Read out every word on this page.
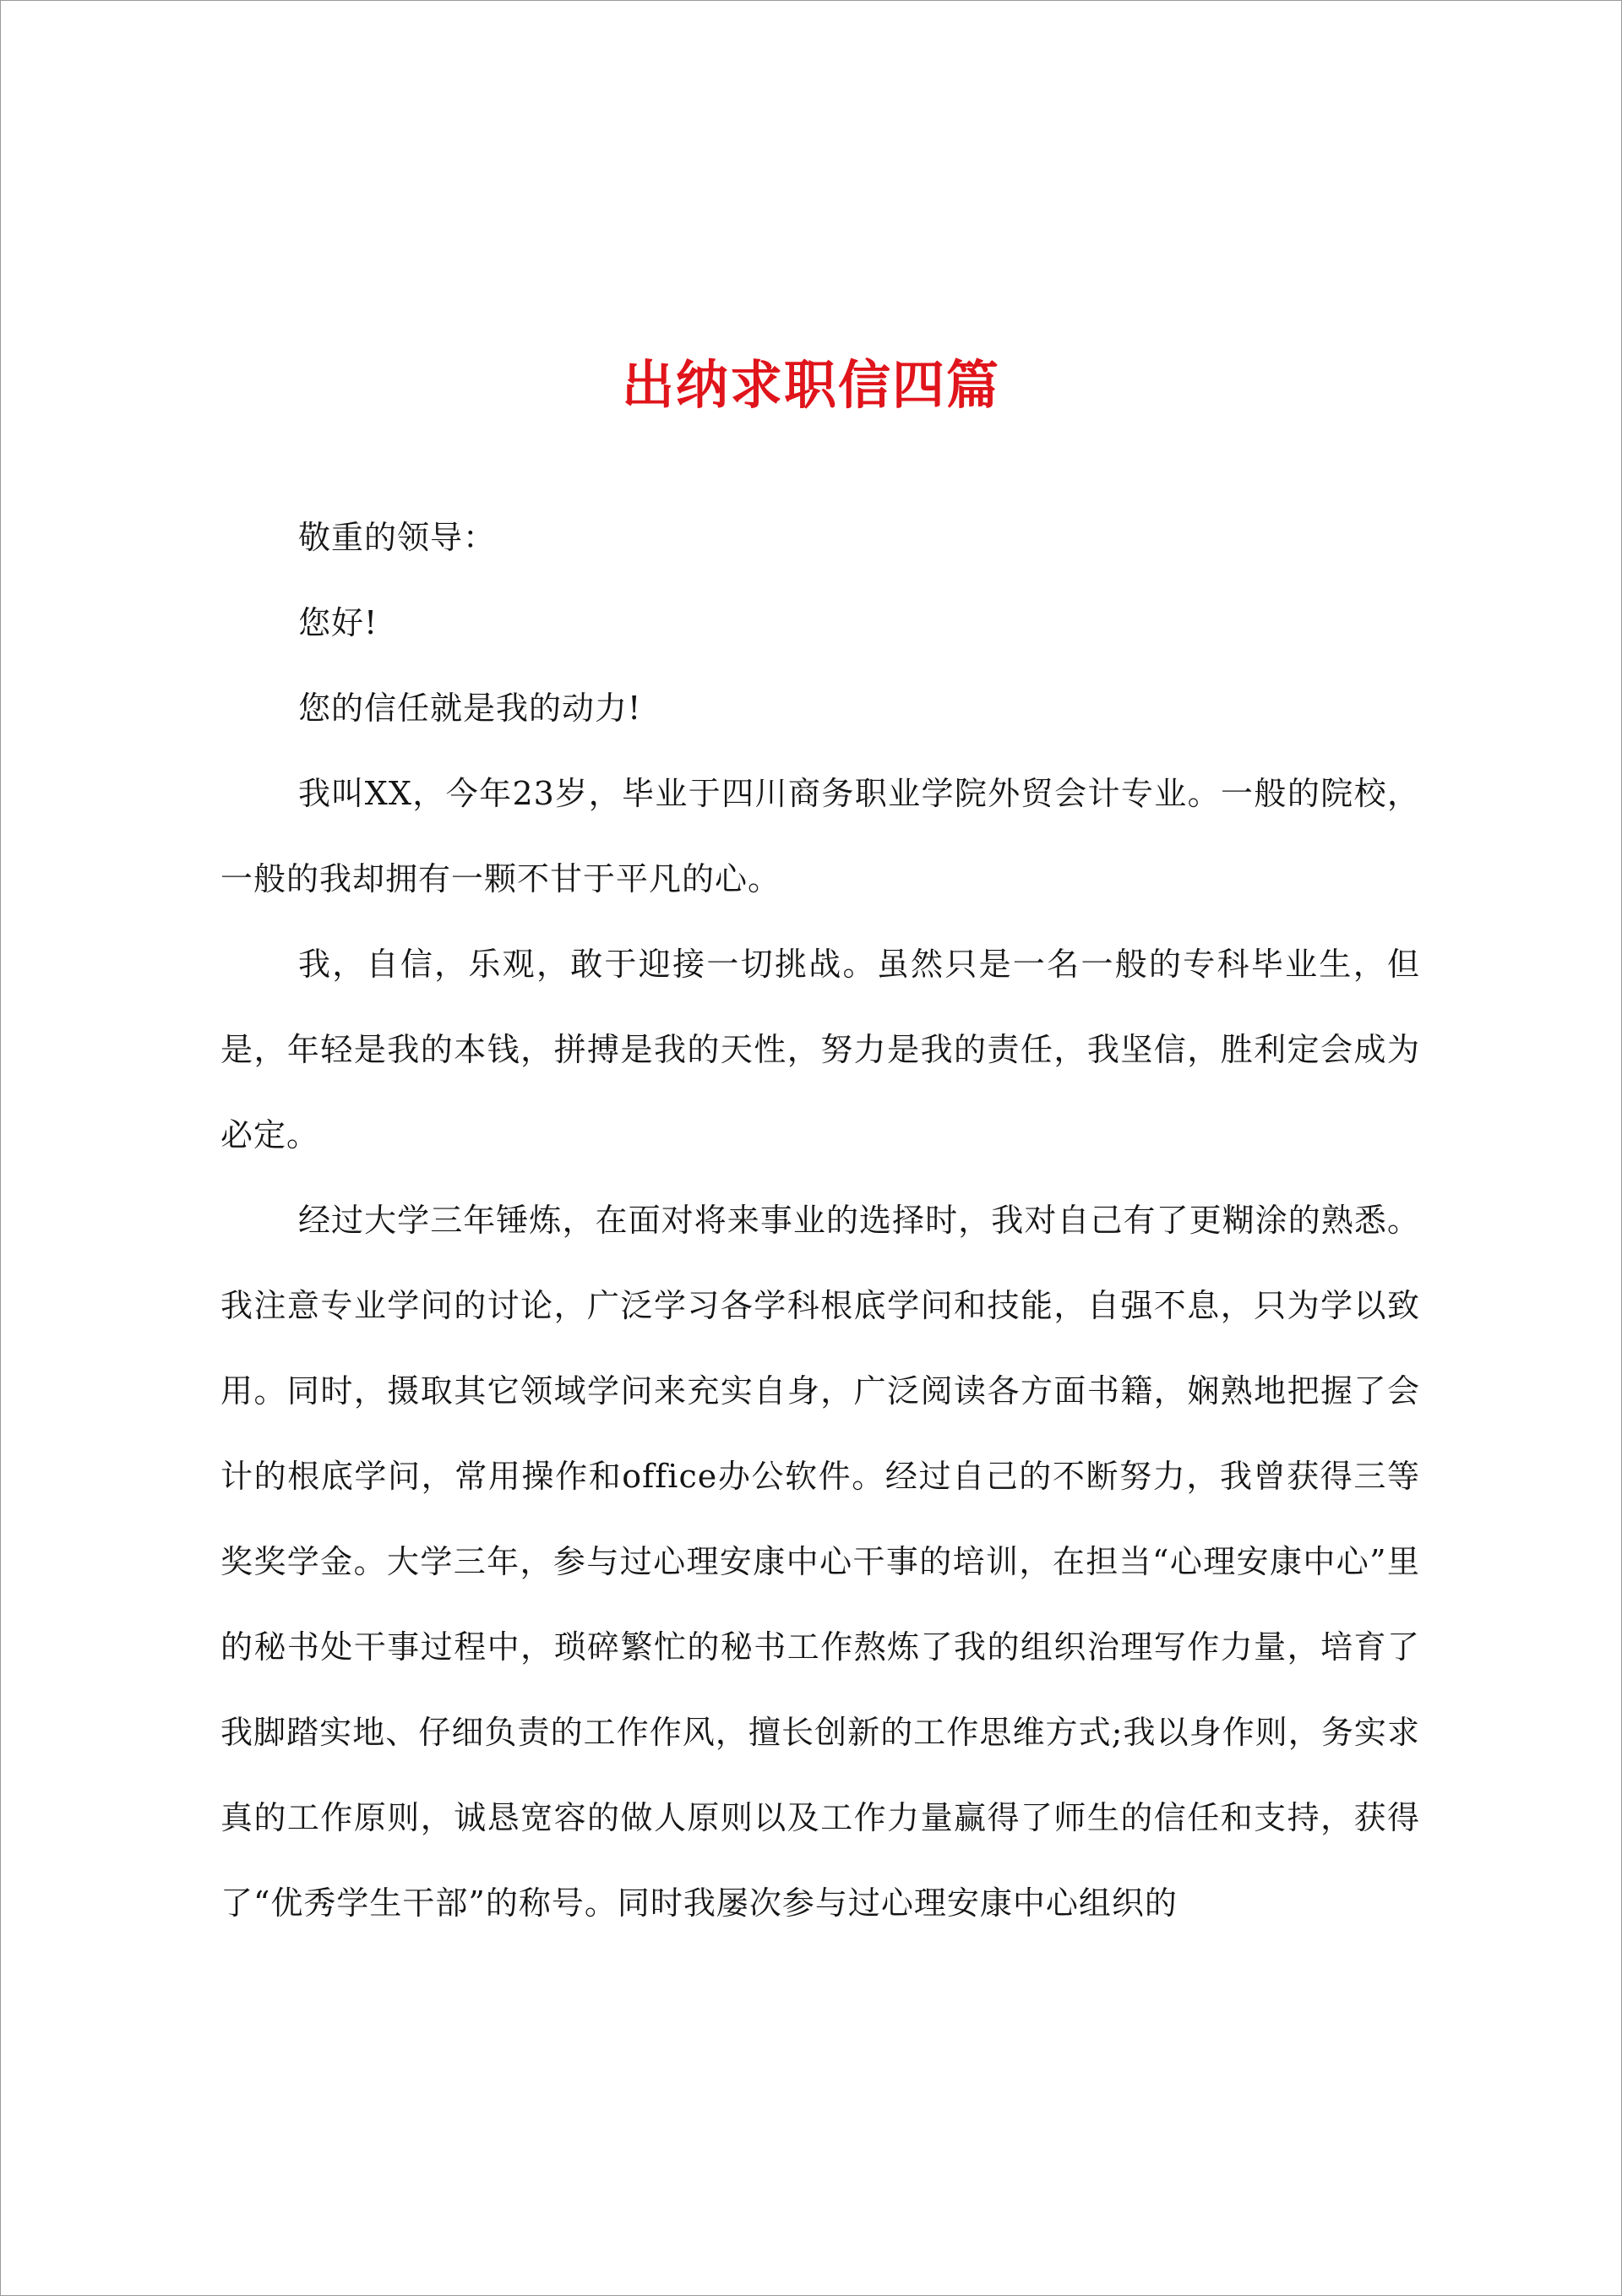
出纳求职信四篇

敬重的领导：

您好!

您的信任就是我的动力!

我叫XX，今年23岁，毕业于四川商务职业学院外贸会计专业。一般的院校，一般的我却拥有一颗不甘于平凡的心。

我，自信，乐观，敢于迎接一切挑战。虽然只是一名一般的专科毕业生，但是，年轻是我的本钱，拼搏是我的天性，努力是我的责任，我坚信，胜利定会成为必定。

经过大学三年锤炼，在面对将来事业的选择时，我对自己有了更糊涂的熟悉。我注意专业学问的讨论，广泛学习各学科根底学问和技能，自强不息，只为学以致用。同时，摄取其它领域学问来充实自身，广泛阅读各方面书籍，娴熟地把握了会计的根底学问，常用操作和office办公软件。经过自己的不断努力，我曾获得三等奖奖学金。大学三年，参与过心理安康中心干事的培训，在担当“心理安康中心”里的秘书处干事过程中，琐碎繁忙的秘书工作熬炼了我的组织治理写作力量，培育了我脚踏实地、仔细负责的工作作风，擅长创新的工作思维方式;我以身作则，务实求真的工作原则，诚恳宽容的做人原则以及工作力量赢得了师生的信任和支持，获得了“优秀学生干部”的称号。同时我屡次参与过心理安康中心组织的
